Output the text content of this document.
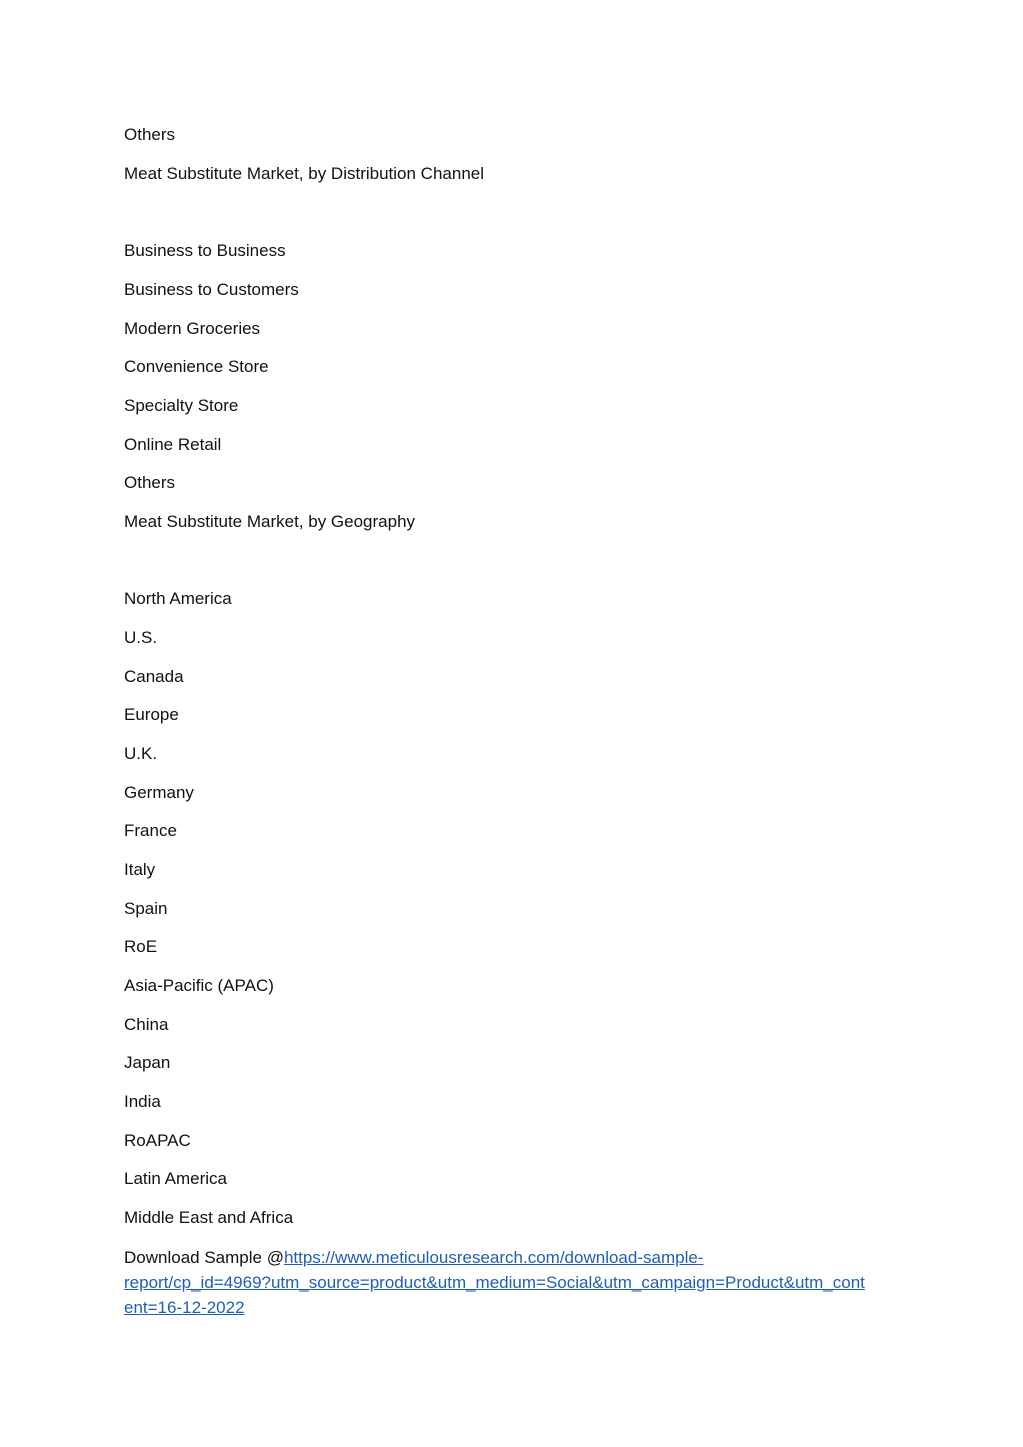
Others
Meat Substitute Market, by Distribution Channel
Business to Business
Business to Customers
Modern Groceries
Convenience Store
Specialty Store
Online Retail
Others
Meat Substitute Market, by Geography
North America
U.S.
Canada
Europe
U.K.
Germany
France
Italy
Spain
RoE
Asia-Pacific (APAC)
China
Japan
India
RoAPAC
Latin America
Middle East and Africa
Download Sample @https://www.meticulousresearch.com/download-sample-
report/cp_id=4969?utm_source=product&utm_medium=Social&utm_campaign=Product&utm_cont
ent=16-12-2022
